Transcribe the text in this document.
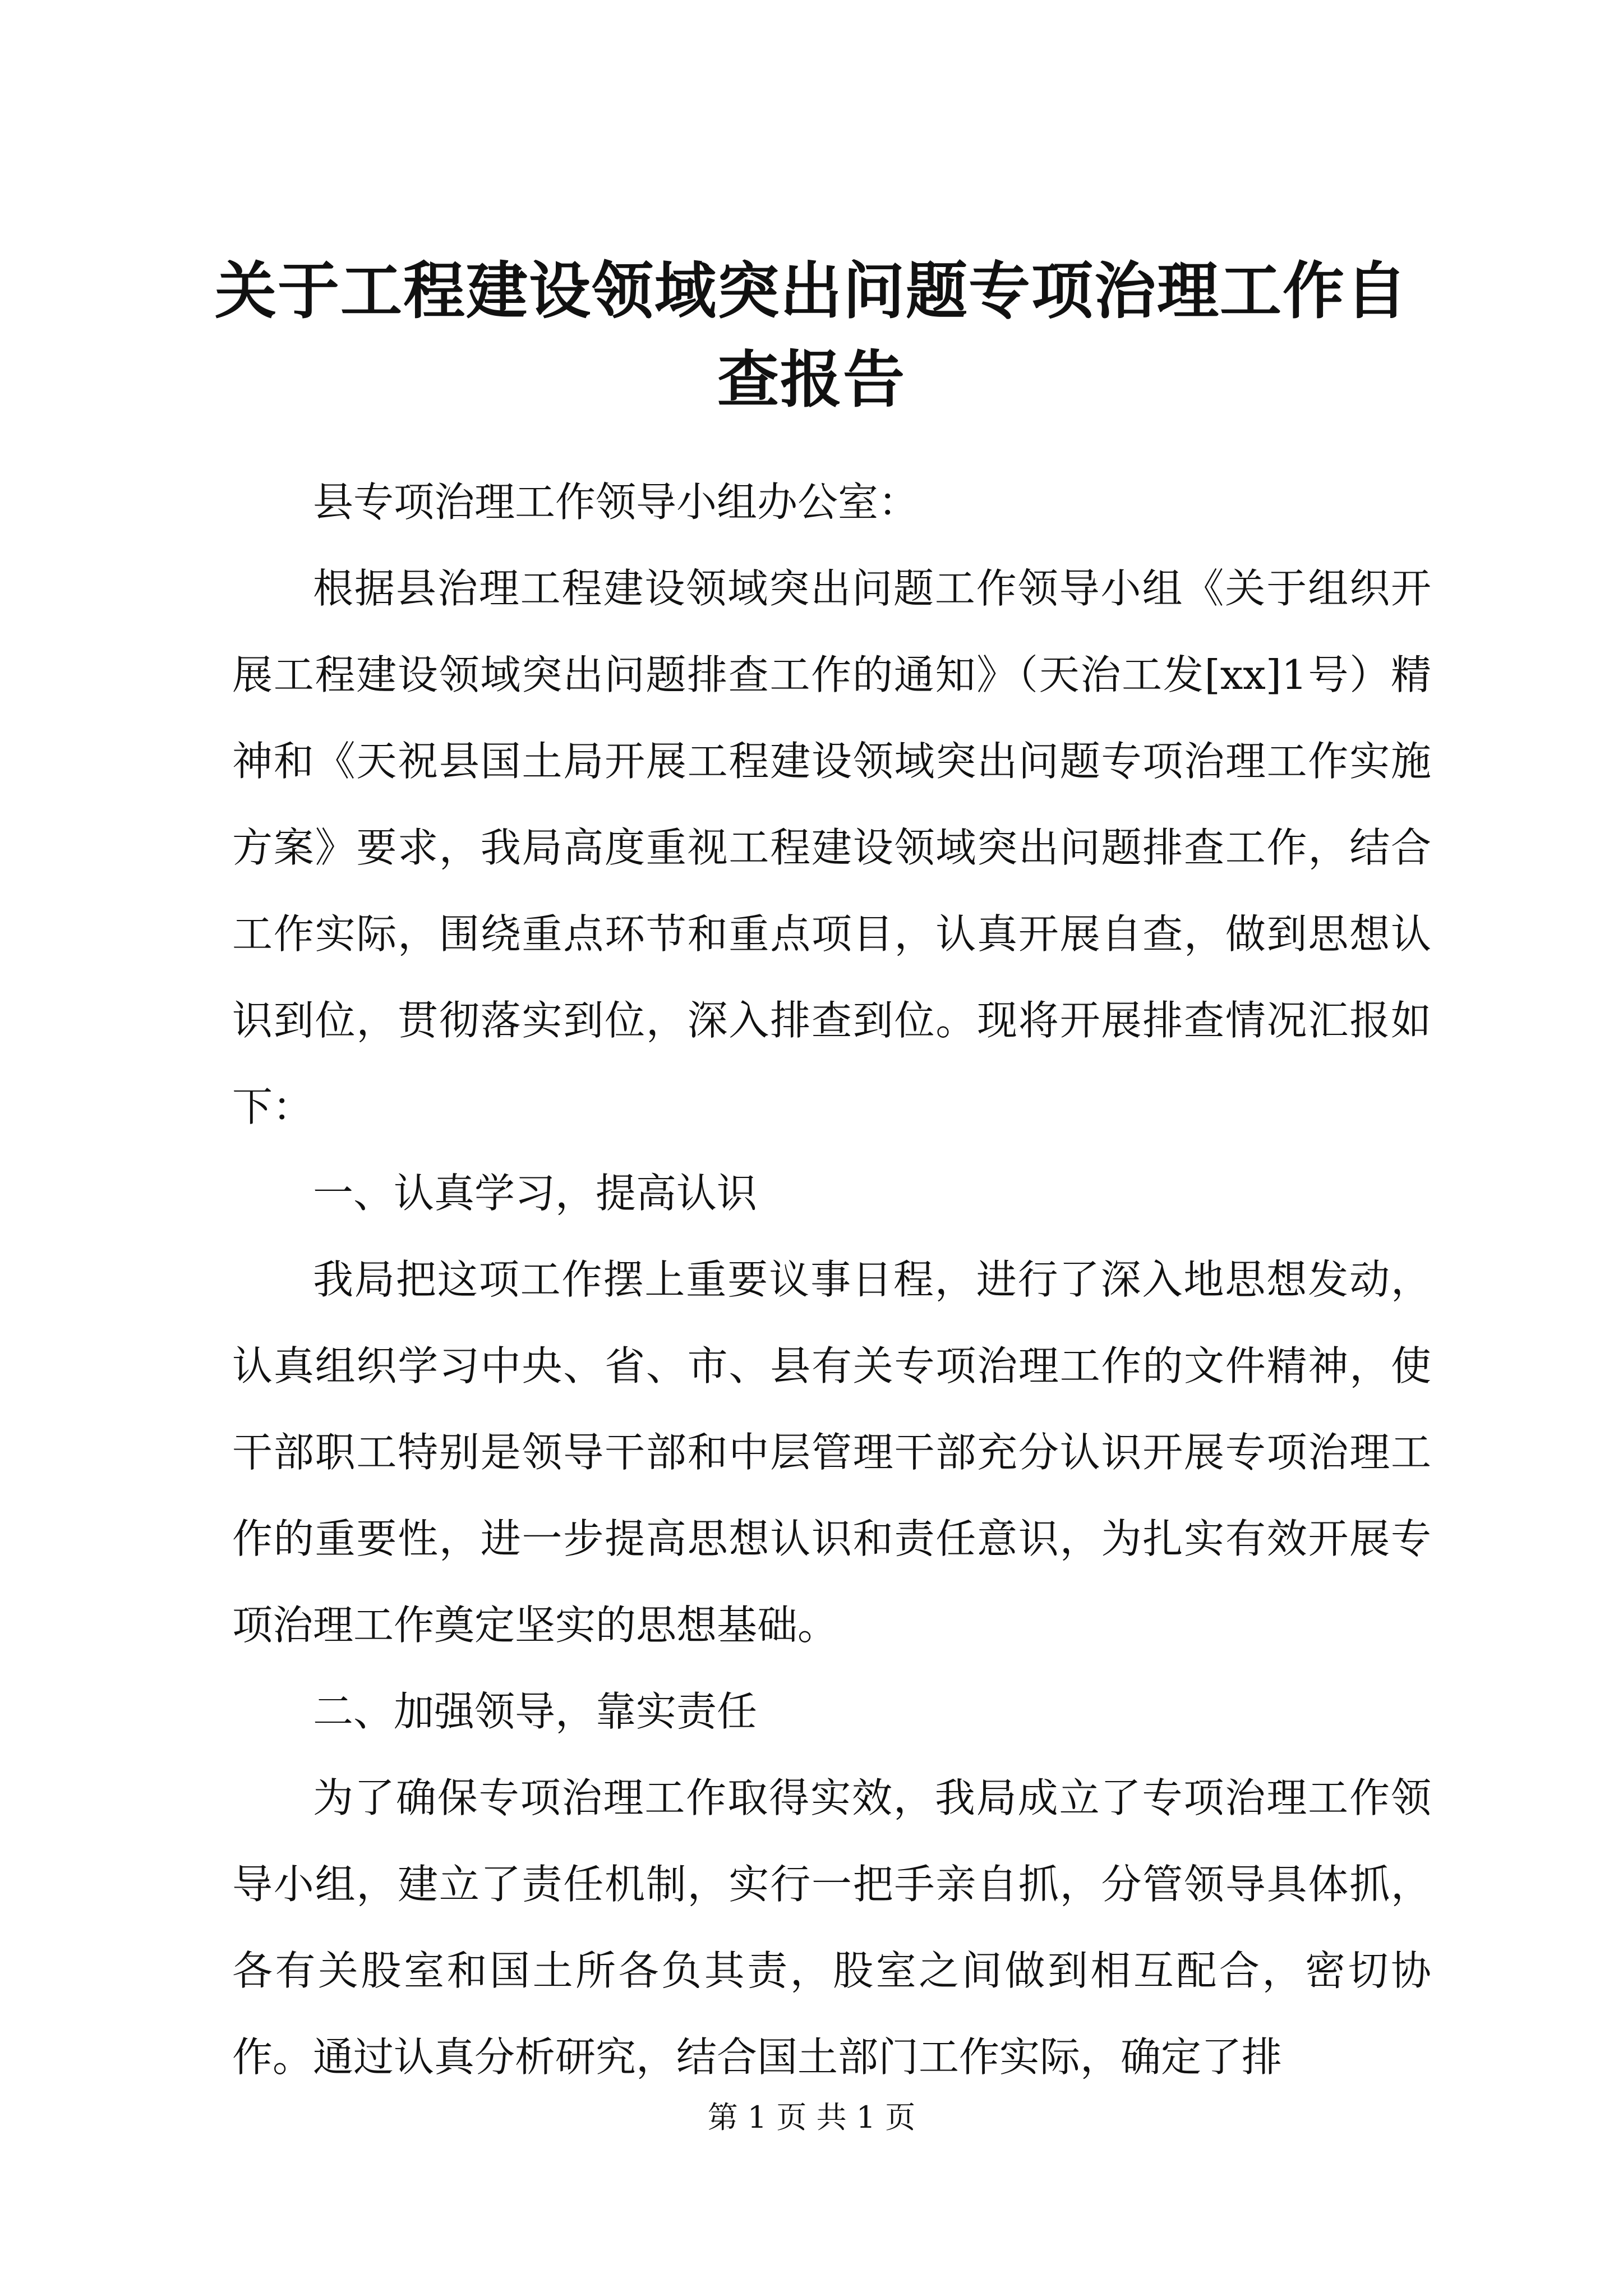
关于工程建设领域突出问题专项治理工作自查报告

县专项治理工作领导小组办公室：

根据县治理工程建设领域突出问题工作领导小组《关于组织开展工程建设领域突出问题排查工作的通知》（天治工发[xx]1号）精神和《天祝县国土局开展工程建设领域突出问题专项治理工作实施方案》要求，我局高度重视工程建设领域突出问题排查工作，结合工作实际，围绕重点环节和重点项目，认真开展自查，做到思想认识到位，贯彻落实到位，深入排查到位。现将开展排查情况汇报如下：

一、认真学习，提高认识

我局把这项工作摆上重要议事日程，进行了深入地思想发动，认真组织学习中央、省、市、县有关专项治理工作的文件精神，使干部职工特别是领导干部和中层管理干部充分认识开展专项治理工作的重要性，进一步提高思想认识和责任意识，为扎实有效开展专项治理工作奠定坚实的思想基础。

二、加强领导，靠实责任

为了确保专项治理工作取得实效，我局成立了专项治理工作领导小组，建立了责任机制，实行一把手亲自抓，分管领导具体抓，各有关股室和国土所各负其责，股室之间做到相互配合，密切协作。通过认真分析研究，结合国土部门工作实际，确定了排

第 1 页 共 1 页
